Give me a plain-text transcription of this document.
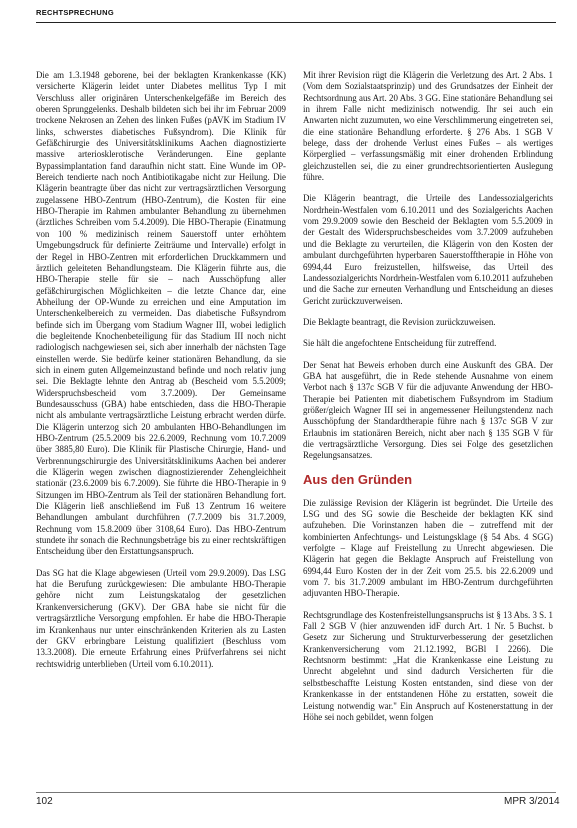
RECHTSPRECHUNG

Die am 1.3.1948 geborene, bei der beklagten Krankenkasse (KK) versicherte Klägerin leidet unter Diabetes mellitus Typ I mit Verschluss aller originären Unterschenkelgefäße im Bereich des oberen Sprunggelenks. Deshalb bildeten sich bei ihr im Februar 2009 trockene Nekrosen an Zehen des linken Fußes (pAVK im Stadium IV links, schwerstes diabetisches Fußsyndrom). Die Klinik für Gefäßchirurgie des Universitätsklinikums Aachen diagnostizierte massive arteriosklerotische Veränderungen. Eine geplante Bypassimplantation fand daraufhin nicht statt. Eine Wunde im OP-Bereich tendierte nach noch Antibiotikagabe nicht zur Heilung. Die Klägerin beantragte über das nicht zur vertragsärztlichen Versorgung zugelassene HBO-Zentrum (HBO-Zentrum), die Kosten für eine HBO-Therapie im Rahmen ambulanter Behandlung zu übernehmen (ärztliches Schreiben vom 5.4.2009). Die HBO-Therapie (Einatmung von 100 % medizinisch reinem Sauerstoff unter erhöhtem Umgebungsdruck für definierte Zeiträume und Intervalle) erfolgt in der Regel in HBO-Zentren mit erforderlichen Druckkammern und ärztlich geleiteten Behandlungsteam. Die Klägerin führte aus, die HBO-Therapie stelle für sie – nach Ausschöpfung aller gefäßchirurgischen Möglichkeiten – die letzte Chance dar, eine Abheilung der OP-Wunde zu erreichen und eine Amputation im Unterschenkelbereich zu vermeiden. Das diabetische Fußsyndrom befinde sich im Übergang vom Stadium Wagner III, wobei lediglich die begleitende Knochenbeteiligung für das Stadium III noch nicht radiologisch nachgewiesen sei, sich aber innerhalb der nächsten Tage einstellen werde. Sie bedürfe keiner stationären Behandlung, da sie sich in einem guten Allgemeinzustand befinde und noch relativ jung sei. Die Beklagte lehnte den Antrag ab (Bescheid vom 5.5.2009; Widerspruchsbescheid vom 3.7.2009). Der Gemeinsame Bundesausschuss (GBA) habe entschieden, dass die HBO-Therapie nicht als ambulante vertragsärztliche Leistung erbracht werden dürfe. Die Klägerin unterzog sich 20 ambulanten HBO-Behandlungen im HBO-Zentrum (25.5.2009 bis 22.6.2009, Rechnung vom 10.7.2009 über 3885,80 Euro). Die Klinik für Plastische Chirurgie, Hand- und Verbrennungschirurgie des Universitätsklinikums Aachen bei anderer die Klägerin wegen zwischen diagnostizierender Zehengleichheit stationär (23.6.2009 bis 6.7.2009). Sie führte die HBO-Therapie in 9 Sitzungen im HBO-Zentrum als Teil der stationären Behandlung fort. Die Klägerin ließ anschließend im Fuß 13 Zentrum 16 weitere Behandlungen ambulant durchführen (7.7.2009 bis 31.7.2009, Rechnung vom 15.8.2009 über 3108,64 Euro). Das HBO-Zentrum stundete ihr sonach die Rechnungsbeträge bis zu einer rechtskräftigen Entscheidung über den Erstattungsanspruch.

Das SG hat die Klage abgewiesen (Urteil vom 29.9.2009). Das LSG hat die Berufung zurückgewiesen: Die ambulante HBO-Therapie gehöre nicht zum Leistungskatalog der gesetzlichen Krankenversicherung (GKV). Der GBA habe sie nicht für die vertragsärztliche Versorgung empfohlen. Er habe die HBO-Therapie im Krankenhaus nur unter einschränkenden Kriterien als zu Lasten der GKV erbringbare Leistung qualifiziert (Beschluss vom 13.3.2008). Die erneute Erfahrung eines Prüfverfahrens sei nicht rechtswidrig unterblieben (Urteil vom 6.10.2011).

Mit ihrer Revision rügt die Klägerin die Verletzung des Art. 2 Abs. 1 (Vom dem Sozialstaatsprinzip) und des Grundsatzes der Einheit der Rechtsordnung aus Art. 20 Abs. 3 GG. Eine stationäre Behandlung sei in ihrem Falle nicht medizinisch notwendig. Ihr sei auch ein Anwarten nicht zuzumuten, wo eine Verschlimmerung eingetreten sei, die eine stationäre Behandlung erforderte. § 276 Abs. 1 SGB V belege, dass der drohende Verlust eines Fußes – als wertiges Körperglied – verfassungsmäßig mit einer drohenden Erblindung gleichzustellen sei, die zu einer grundrechtsorientierten Auslegung führe.

Die Klägerin beantragt, die Urteile des Landessozialgerichts Nordrhein-Westfalen vom 6.10.2011 und des Sozialgerichts Aachen vom 29.9.2009 sowie den Bescheid der Beklagten vom 5.5.2009 in der Gestalt des Widerspruchsbescheides vom 3.7.2009 aufzuheben und die Beklagte zu verurteilen, die Klägerin von den Kosten der ambulant durchgeführten hyperbaren Sauerstofftherapie in Höhe von 6994,44 Euro freizustellen, hilfsweise, das Urteil des Landessozialgerichts Nordrhein-Westfalen vom 6.10.2011 aufzuheben und die Sache zur erneuten Verhandlung und Entscheidung an dieses Gericht zurückzuverweisen.

Die Beklagte beantragt, die Revision zurückzuweisen.

Sie hält die angefochtene Entscheidung für zutreffend.

Der Senat hat Beweis erhoben durch eine Auskunft des GBA. Der GBA hat ausgeführt, die in Rede stehende Ausnahme von einem Verbot nach § 137c SGB V für die adjuvante Anwendung der HBO-Therapie bei Patienten mit diabetischem Fußsyndrom im Stadium größer/gleich Wagner III sei in angemessener Heilungstendenz nach Ausschöpfung der Standardtherapie führe nach § 137c SGB V zur Erlaubnis im stationären Bereich, nicht aber nach § 135 SGB V für die vertragsärztliche Versorgung. Dies sei Folge des gesetzlichen Regelungsansatzes.

Aus den Gründen

Die zulässige Revision der Klägerin ist begründet. Die Urteile des LSG und des SG sowie die Bescheide der beklagten KK sind aufzuheben. Die Vorinstanzen haben die – zutreffend mit der kombinierten Anfechtungs- und Leistungsklage (§ 54 Abs. 4 SGG) verfolgte – Klage auf Freistellung zu Unrecht abgewiesen. Die Klägerin hat gegen die Beklagte Anspruch auf Freistellung von 6994,44 Euro Kosten der in der Zeit vom 25.5. bis 22.6.2009 und vom 7. bis 31.7.2009 ambulant im HBO-Zentrum durchgeführten adjuvanten HBO-Therapie.

Rechtsgrundlage des Kostenfreistellungsanspruchs ist § 13 Abs. 3 S. 1 Fall 2 SGB V (hier anzuwenden idF durch Art. 1 Nr. 5 Buchst. b Gesetz zur Sicherung und Strukturverbesserung der gesetzlichen Krankenversicherung vom 21.12.1992, BGBl I 2266). Die Rechtsnorm bestimmt: „Hat die Krankenkasse eine Leistung zu Unrecht abgelehnt und sind dadurch Versicherten für die selbstbeschaffte Leistung Kosten entstanden, sind diese von der Krankenkasse in der entstandenen Höhe zu erstatten, soweit die Leistung notwendig war." Ein Anspruch auf Kostenerstattung in der Höhe sei noch gebildet, wenn folgen

102	MPR 3/2014
